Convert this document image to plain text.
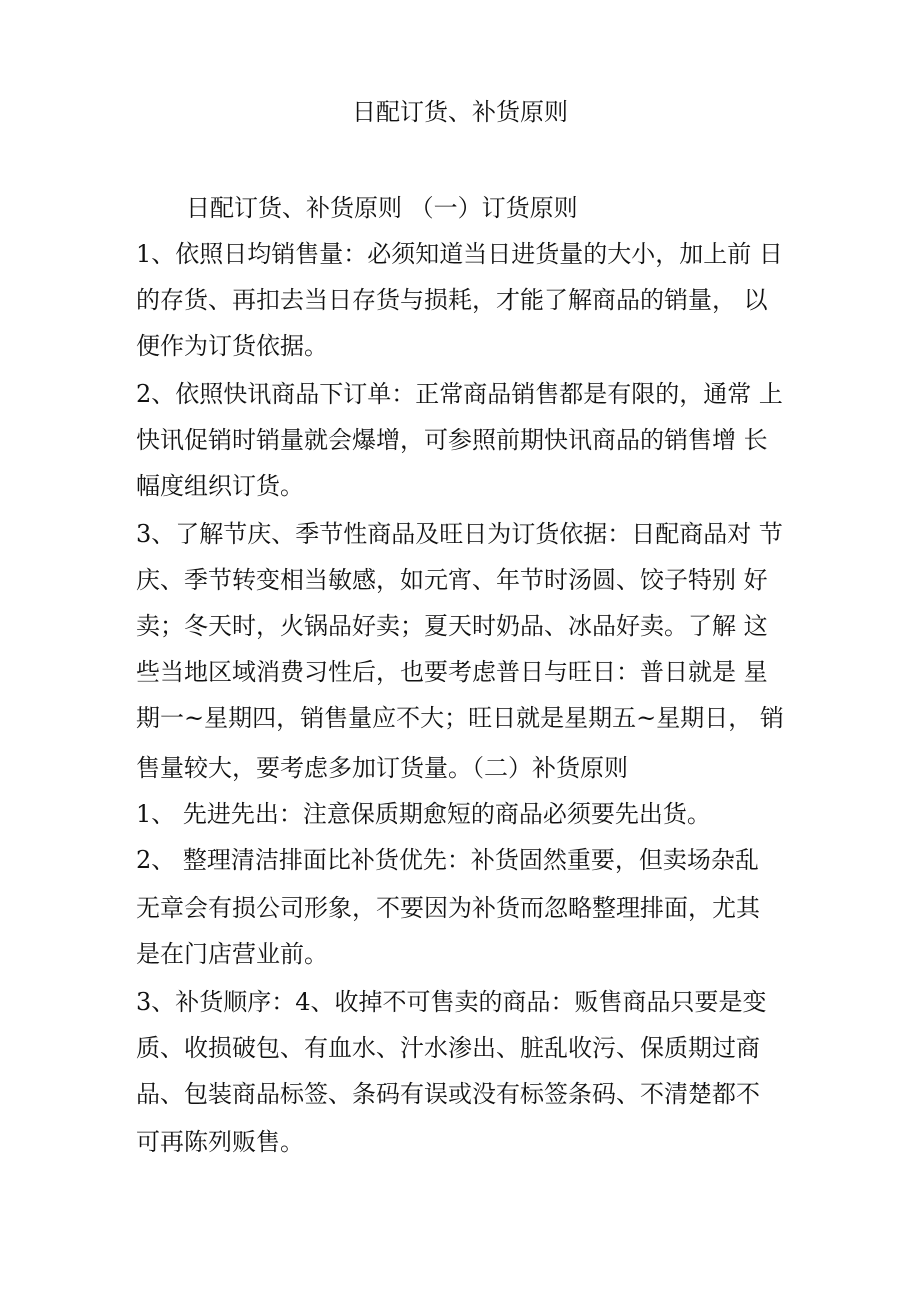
日配订货、补货原则

日配订货、补货原则 （一）订货原则

1、依照日均销售量：必须知道当日进货量的大小，加上前 日

的存货、再扣去当日存货与损耗，才能了解商品的销量， 以

便作为订货依据。

2、依照快讯商品下订单：正常商品销售都是有限的，通常 上

快讯促销时销量就会爆增，可参照前期快讯商品的销售增 长

幅度组织订货。

3、了解节庆、季节性商品及旺日为订货依据：日配商品对 节

庆、季节转变相当敏感，如元宵、年节时汤圆、饺子特别 好

卖；冬天时，火锅品好卖；夏天时奶品、冰品好卖。了解 这

些当地区域消费习性后，也要考虑普日与旺日：普日就是 星

期一~星期四，销售量应不大；旺日就是星期五~星期日， 销

售量较大，要考虑多加订货量。（二）补货原则

1、 先进先出：注意保质期愈短的商品必须要先出货。

2、 整理清洁排面比补货优先：补货固然重要，但卖场杂乱

无章会有损公司形象，不要因为补货而忽略整理排面，尤其

是在门店营业前。

3、补货顺序：4、收掉不可售卖的商品：贩售商品只要是变

质、收损破包、有血水、汁水渗出、脏乱收污、保质期过商

品、包装商品标签、条码有误或没有标签条码、不清楚都不

可再陈列贩售。
